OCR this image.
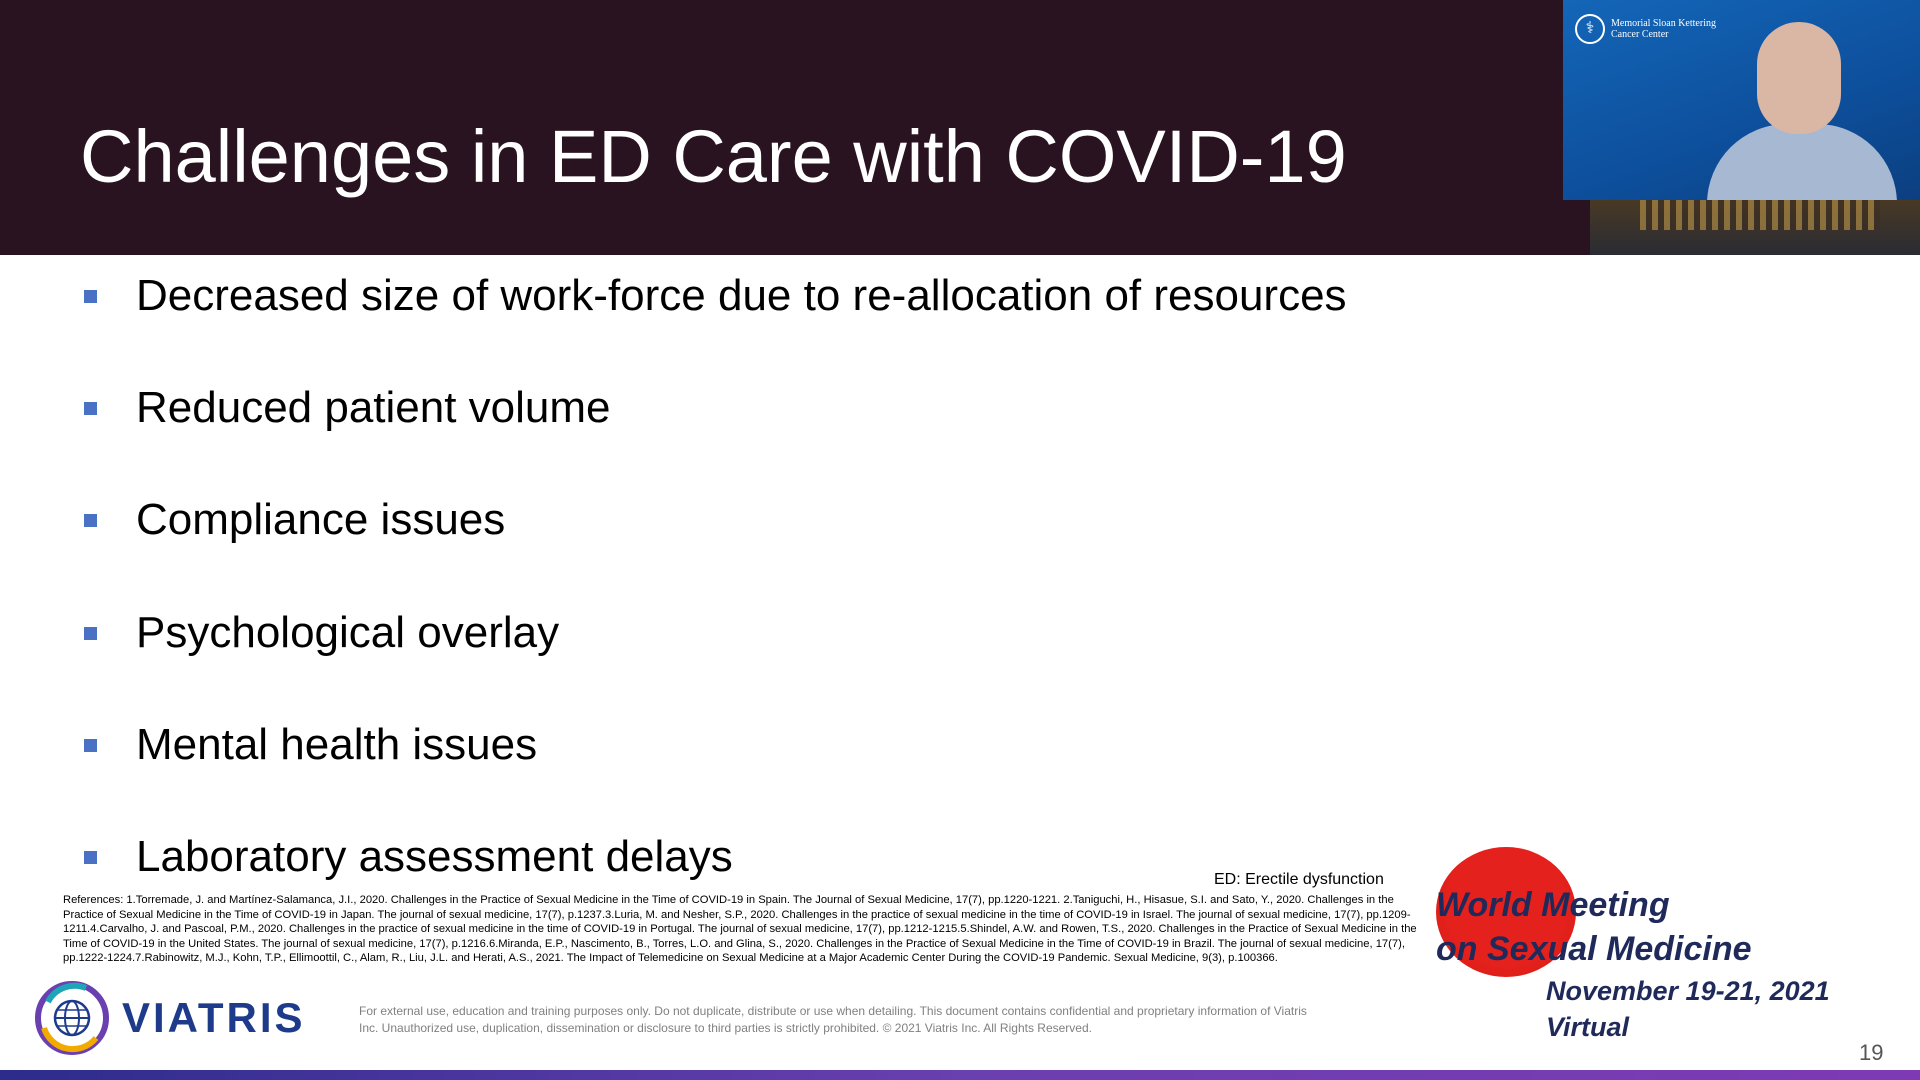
Challenges in ED Care with COVID-19
⚕	Memorial Sloan Kettering
Cancer Center
Decreased size of work-force due to re-allocation of resources
Reduced patient volume
Compliance issues
Psychological overlay
Mental health issues
Laboratory assessment delays	ED: Erectile dysfunction
References: 1.Torremade, J. and Martínez-Salamanca, J.I., 2020. Challenges in the Practice of Sexual Medicine in the Time of COVID-19 in Spain. The Journal of Sexual Medicine, 17(7), pp.1220-1221. 2.Taniguchi, H., Hisasue, S.I. and Sato, Y., 2020. Challenges in the Practice of Sexual Medicine in the Time of COVID-19 in Japan. The journal of sexual medicine, 17(7), p.1237.3.Luria, M. and Nesher, S.P., 2020. Challenges in the practice of sexual medicine in the time of COVID-19 in Israel. The journal of sexual medicine, 17(7), pp.1209-1211.4.Carvalho, J. and Pascoal, P.M., 2020. Challenges in the practice of sexual medicine in the time of COVID-19 in Portugal. The journal of sexual medicine, 17(7), pp.1212-1215.5.Shindel, A.W. and Rowen, T.S., 2020. Challenges in the Practice of Sexual Medicine in the Time of COVID-19 in the United States. The journal of sexual medicine, 17(7), p.1216.6.Miranda, E.P., Nascimento, B., Torres, L.O. and Glina, S., 2020. Challenges in the Practice of Sexual Medicine in the Time of COVID-19 in Brazil. The journal of sexual medicine, 17(7), pp.1222-1224.7.Rabinowitz, M.J., Kohn, T.P., Ellimoottil, C., Alam, R., Liu, J.L. and Herati, A.S., 2021. The Impact of Telemedicine on Sexual Medicine at a Major Academic Center During the COVID-19 Pandemic. Sexual Medicine, 9(3), p.100366.
VIATRIS	For external use, education and training purposes only. Do not duplicate, distribute or use when detailing. This document contains confidential and proprietary information of Viatris Inc. Unauthorized use, duplication, dissemination or disclosure to third parties is strictly prohibited. © 2021 Viatris Inc. All Rights Reserved.
World Meeting
on Sexual Medicine
November 19-21, 2021
Virtual
19
